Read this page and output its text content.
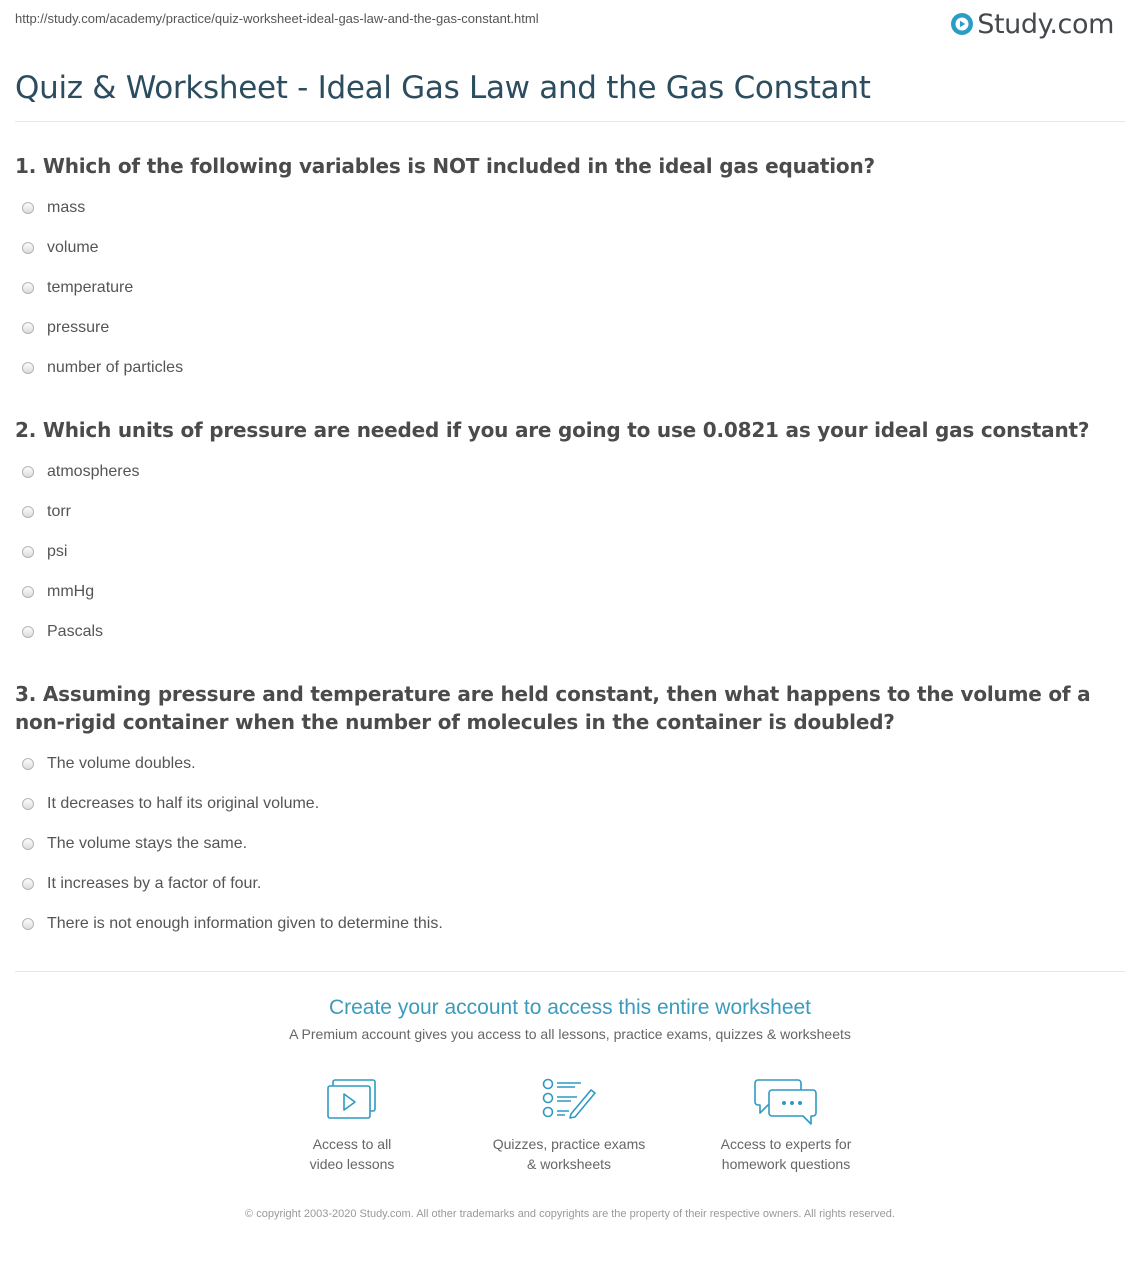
http://study.com/academy/practice/quiz-worksheet-ideal-gas-law-and-the-gas-constant.html	Study.com
Quiz & Worksheet - Ideal Gas Law and the Gas Constant
1. Which of the following variables is NOT included in the ideal gas equation?
mass
volume
temperature
pressure
number of particles
2. Which units of pressure are needed if you are going to use 0.0821 as your ideal gas constant?
atmospheres
torr
psi
mmHg
Pascals
3. Assuming pressure and temperature are held constant, then what happens to the volume of a non-rigid container when the number of molecules in the container is doubled?
The volume doubles.
It decreases to half its original volume.
The volume stays the same.
It increases by a factor of four.
There is not enough information given to determine this.
Create your account to access this entire worksheet
A Premium account gives you access to all lessons, practice exams, quizzes & worksheets
Access to all
video lessons
Quizzes, practice exams
& worksheets
Access to experts for
homework questions
© copyright 2003-2020 Study.com. All other trademarks and copyrights are the property of their respective owners. All rights reserved.
